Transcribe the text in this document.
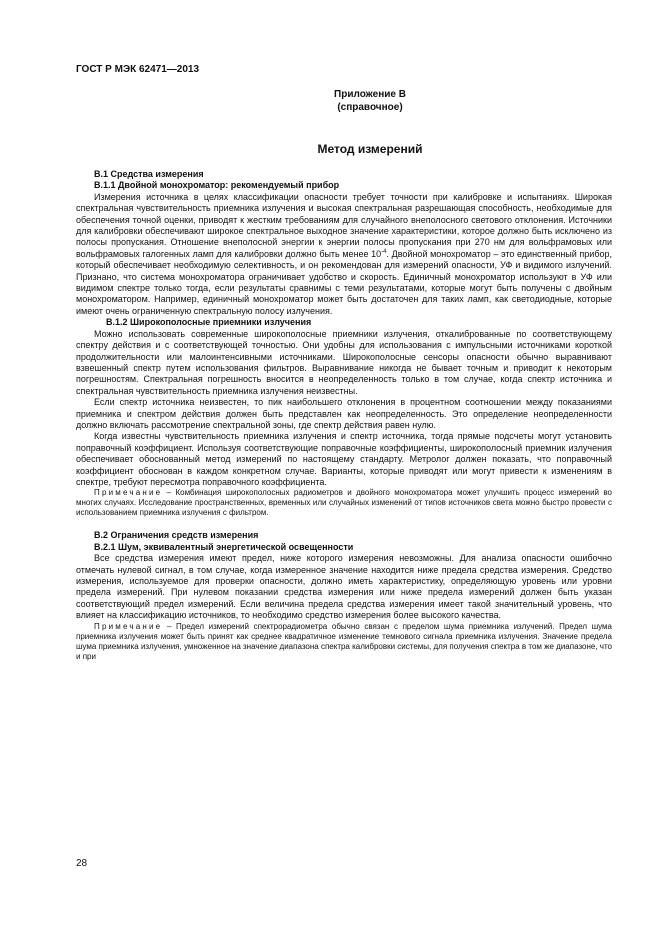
ГОСТ Р МЭК 62471—2013
Приложение В
(справочное)
Метод измерений
В.1 Средства измерения
В.1.1 Двойной монохроматор: рекомендуемый прибор

Измерения источника в целях классификации опасности требует точности при калибровке и испытаниях. Широкая спектральная чувствительность приемника излучения и высокая спектральная разрешающая способность, необходимые для обеспечения точной оценки, приводят к жестким требованиям для случайного внеполосного светового отклонения. Источники для калибровки обеспечивают широкое спектральное выходное значение характеристики, которое должно быть исключено из полосы пропускания. Отношение внеполосной энергии к энергии полосы пропускания при 270 нм для вольфрамовых или вольфрамовых галогенных ламп для калибровки должно быть менее $10^{-4}$. Двойной монохроматор – это единственный прибор, который обеспечивает необходимую селективность, и он рекомендован для измерений опасности, УФ и видимого излучений. Признано, что система монохроматора ограничивает удобство и скорость. Единичный монохроматор используют в УФ или видимом спектре только тогда, если результаты сравнимы с теми результатами, которые могут быть получены с двойным монохроматором. Например, единичный монохроматор может быть достаточен для таких ламп, как светодиодные, которые имеют очень ограниченную спектральную полосу излучения.

В.1.2 Широкополосные приемники излучения

Можно использовать современные широкополосные приемники излучения, откалиброванные по соответствующему спектру действия и с соответствующей точностью. Они удобны для использования с импульсными источниками короткой продолжительности или малоинтенсивными источниками. Широкополосные сенсоры опасности обычно выравнивают взвешенный спектр путем использования фильтров. Выравнивание никогда не бывает точным и приводит к некоторым погрешностям. Спектральная погрешность вносится в неопределенность только в том случае, когда спектр источника и спектральная чувствительность приемника излучения неизвестны.

Если спектр источника неизвестен, то пик наибольшего отклонения в процентном соотношении между показаниями приемника и спектром действия должен быть представлен как неопределенность. Это определение неопределенности должно включать рассмотрение спектральной зоны, где спектр действия равен нулю.

Когда известны чувствительность приемника излучения и спектр источника, тогда прямые подсчеты могут установить поправочный коэффициент. Используя соответствующие поправочные коэффициенты, широкополосный приемник излучения обеспечивает обоснованный метод измерений по настоящему стандарту. Метролог должен показать, что поправочный коэффициент обоснован в каждом конкретном случае. Варианты, которые приводят или могут привести к изменениям в спектре, требуют пересмотра поправочного коэффициента.

Примечание – Комбинация широкополосных радиометров и двойного монохроматора может улучшить процесс измерений во многих случаях. Исследование пространственных, временных или случайных изменений от типов источников света можно быстро провести с использованием приемника излучения с фильтром.

В.2 Ограничения средств измерения
В.2.1 Шум, эквивалентный энергетической освещенности

Все средства измерения имеют предел, ниже которого измерения невозможны. Для анализа опасности ошибочно отмечать нулевой сигнал, в том случае, когда измеренное значение находится ниже предела средства измерения. Средство измерения, используемое для проверки опасности, должно иметь характеристику, определяющую уровень или уровни предела измерений. При нулевом показании средства измерения или ниже предела измерений должен быть указан соответствующий предел измерений. Если величина предела средства измерения имеет такой значительный уровень, что влияет на классификацию источников, то необходимо средство измерения более высокого качества.

Примечание – Предел измерений спектрорадиометра обычно связан с пределом шума приемника излучений. Предел шума приемника излучения может быть принят как среднее квадратичное изменение темнового сигнала приемника излучения. Значение предела шума приемника излучения, умноженное на значение диапазона спектра калибровки системы, для получения спектра в том же диапазоне, что и при

28
